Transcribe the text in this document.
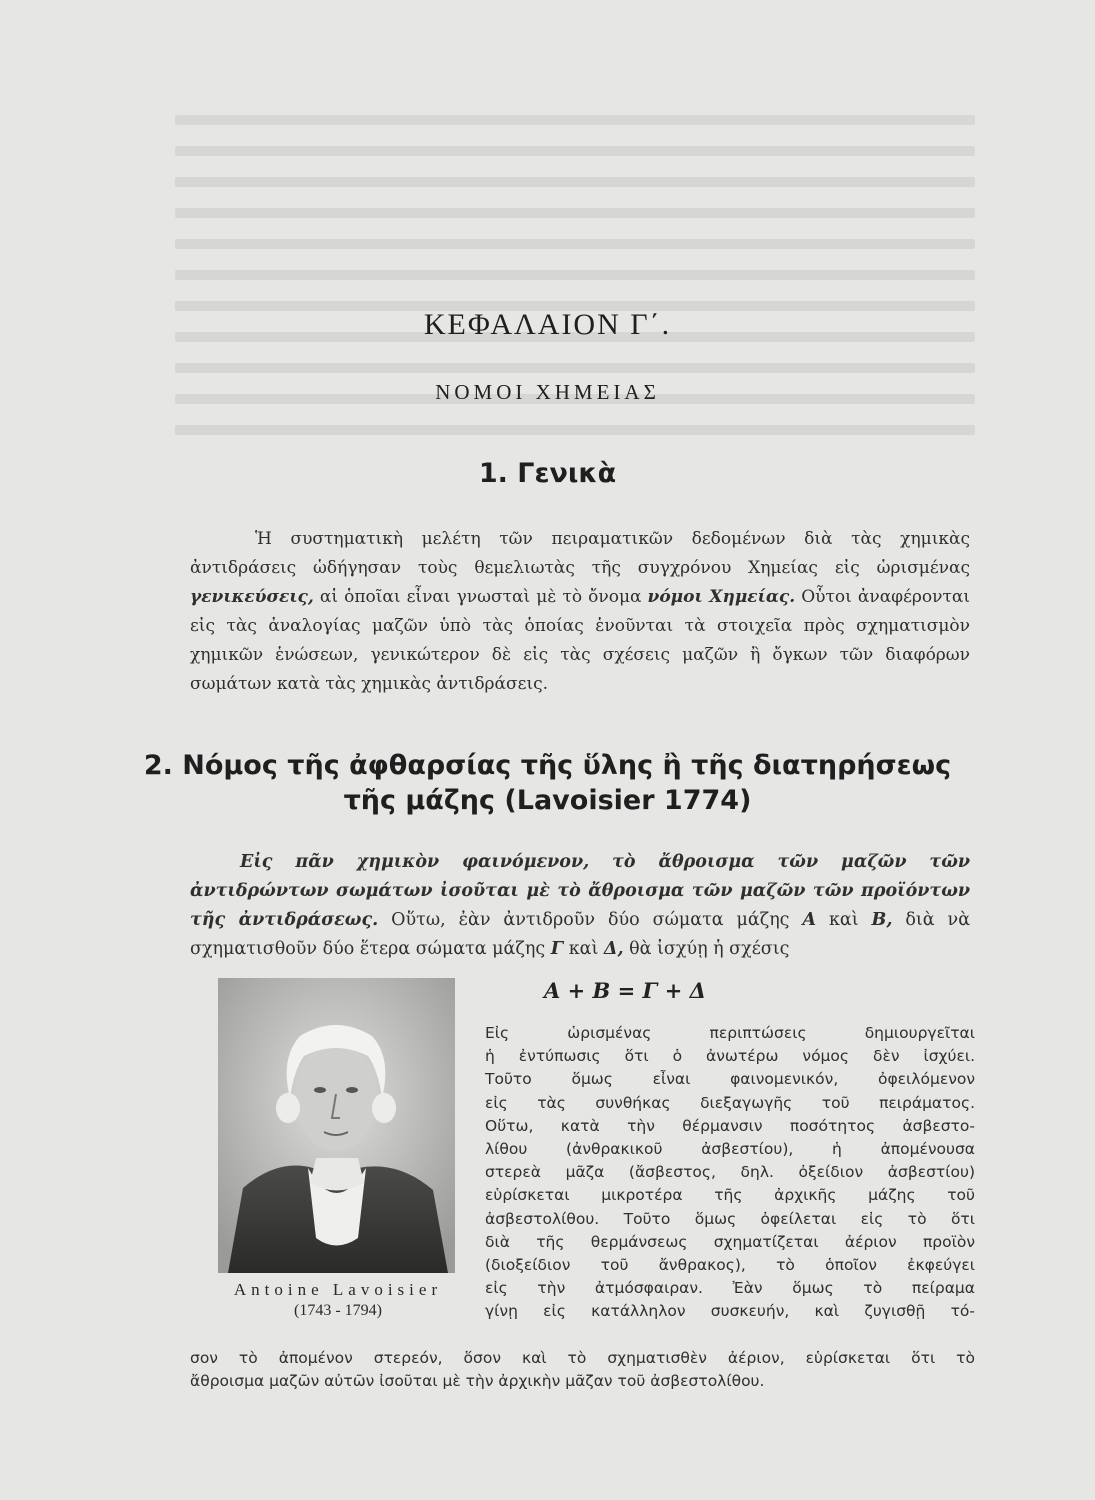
ΚΕΦΑΛΑΙΟΝ Γ΄.
ΝΟΜΟΙ ΧΗΜΕΙΑΣ
1. Γενικὰ

Ἡ συστηματικὴ μελέτη τῶν πειραματικῶν δεδομένων διὰ τὰς χημικὰς ἀντιδράσεις ὡδήγησαν τοὺς θεμελιωτὰς τῆς συγχρόνου Χημείας εἰς ὡρισμένας γενικεύσεις, αἱ ὁποῖαι εἶναι γνωσταὶ μὲ τὸ ὄνομα νόμοι Χημείας. Οὗτοι ἀναφέρονται εἰς τὰς ἀναλογίας μαζῶν ὑπὸ τὰς ὁποίας ἑνοῦνται τὰ στοιχεῖα πρὸς σχηματισμὸν χημικῶν ἑνώσεων, γενικώτερον δὲ εἰς τὰς σχέσεις μαζῶν ἢ ὄγκων τῶν διαφόρων σωμάτων κατὰ τὰς χημικὰς ἀντιδράσεις.

2. Νόμος τῆς ἀφθαρσίας τῆς ὕλης ἢ τῆς διατηρήσεως
τῆς μάζης (Lavoisier 1774)

Εἰς πᾶν χημικὸν φαινόμενον, τὸ ἄθροισμα τῶν μαζῶν τῶν ἀντιδρώντων σωμάτων ἰσοῦται μὲ τὸ ἄθροισμα τῶν μαζῶν τῶν προϊόντων τῆς ἀντιδράσεως. Οὕτω, ἐὰν ἀντιδροῦν δύο σώματα μάζης Α καὶ Β, διὰ νὰ σχηματισθοῦν δύο ἕτερα σώματα μάζης Γ καὶ Δ, θὰ ἰσχύῃ ἡ σχέσις

Α + Β = Γ + Δ
Antoine Lavoisier
(1743 - 1794)
Εἰς ὡρισμένας περιπτώσεις δημιουργεῖται
ἡ ἐντύπωσις ὅτι ὁ ἀνωτέρω νόμος δὲν ἰσχύει.
Τοῦτο ὅμως εἶναι φαινομενικόν, ὀφειλόμενον
εἰς τὰς συνθήκας διεξαγωγῆς τοῦ πειράματος.
Οὕτω, κατὰ τὴν θέρμανσιν ποσότητος ἀσβεστο-
λίθου (ἀνθρακικοῦ ἀσβεστίου), ἡ ἀπομένουσα
στερεὰ μᾶζα (ἄσβεστος, δηλ. ὀξείδιον ἀσβεστίου)
εὑρίσκεται μικροτέρα τῆς ἀρχικῆς μάζης τοῦ
ἀσβεστολίθου. Τοῦτο ὅμως ὀφείλεται εἰς τὸ ὅτι
διὰ τῆς θερμάνσεως σχηματίζεται ἀέριον προϊὸν
(διοξείδιον τοῦ ἄνθρακος), τὸ ὁποῖον ἐκφεύγει
εἰς τὴν ἀτμόσφαιραν. Ἐὰν ὅμως τὸ πείραμα
γίνῃ εἰς κατάλληλον συσκευήν, καὶ ζυγισθῇ τό-
σον τὸ ἀπομένον στερεόν, ὅσον καὶ τὸ σχηματισθὲν ἀέριον, εὑρίσκεται ὅτι τὸ
ἄθροισμα μαζῶν αὐτῶν ἰσοῦται μὲ τὴν ἀρχικὴν μᾶζαν τοῦ ἀσβεστολίθου.
